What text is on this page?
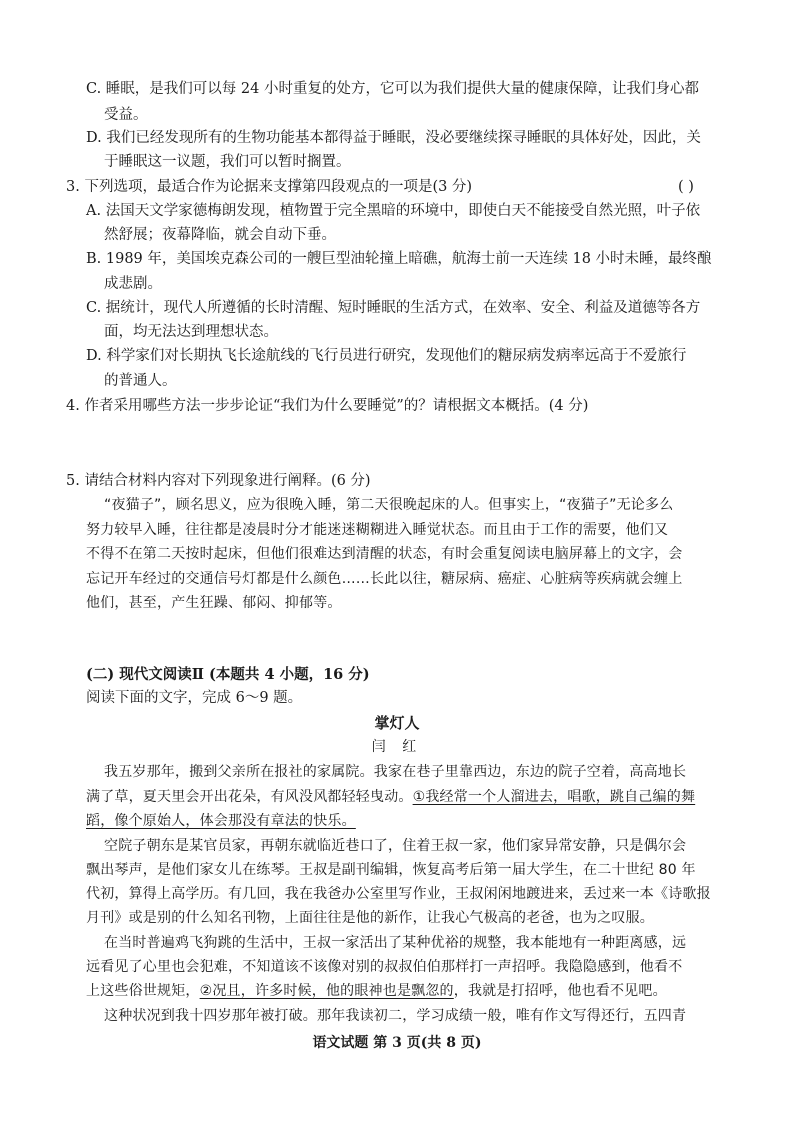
C. 睡眠，是我们可以每 24 小时重复的处方，它可以为我们提供大量的健康保障，让我们身心都
受益。
D. 我们已经发现所有的生物功能基本都得益于睡眠，没必要继续探寻睡眠的具体好处，因此，关
于睡眠这一议题，我们可以暂时搁置。
3. 下列选项，最适合作为论据来支撑第四段观点的一项是(3 分)	( )
A. 法国天文学家德梅朗发现，植物置于完全黑暗的环境中，即使白天不能接受自然光照，叶子依
然舒展；夜幕降临，就会自动下垂。
B. 1989 年，美国埃克森公司的一艘巨型油轮撞上暗礁，航海士前一天连续 18 小时未睡，最终酿
成悲剧。
C. 据统计，现代人所遵循的长时清醒、短时睡眠的生活方式，在效率、安全、利益及道德等各方
面，均无法达到理想状态。
D. 科学家们对长期执飞长途航线的飞行员进行研究，发现他们的糖尿病发病率远高于不爱旅行
的普通人。
4. 作者采用哪些方法一步步论证“我们为什么要睡觉”的？请根据文本概括。(4 分)
5. 请结合材料内容对下列现象进行阐释。(6 分)
“夜猫子”，顾名思义，应为很晚入睡，第二天很晚起床的人。但事实上，“夜猫子”无论多么
努力较早入睡，往往都是凌晨时分才能迷迷糊糊进入睡觉状态。而且由于工作的需要，他们又
不得不在第二天按时起床，但他们很难达到清醒的状态，有时会重复阅读电脑屏幕上的文字，会
忘记开车经过的交通信号灯都是什么颜色……长此以往，糖尿病、癌症、心脏病等疾病就会缠上
他们，甚至，产生狂躁、郁闷、抑郁等。
(二) 现代文阅读Ⅱ (本题共 4 小题，16 分)
阅读下面的文字，完成 6～9 题。
掌灯人
闫 红
我五岁那年，搬到父亲所在报社的家属院。我家在巷子里靠西边，东边的院子空着，高高地长
满了草，夏天里会开出花朵，有风没风都轻轻曳动。①我经常一个人溜进去，唱歌，跳自己编的舞
蹈，像个原始人，体会那没有章法的快乐。
空院子朝东是某官员家，再朝东就临近巷口了，住着王叔一家，他们家异常安静，只是偶尔会
飘出琴声，是他们家女儿在练琴。王叔是副刊编辑，恢复高考后第一届大学生，在二十世纪 80 年
代初，算得上高学历。有几回，我在我爸办公室里写作业，王叔闲闲地踱进来，丢过来一本《诗歌报
月刊》或是别的什么知名刊物，上面往往是他的新作，让我心气极高的老爸，也为之叹服。
在当时普遍鸡飞狗跳的生活中，王叔一家活出了某种优裕的规整，我本能地有一种距离感，远
远看见了心里也会犯难，不知道该不该像对别的叔叔伯伯那样打一声招呼。我隐隐感到，他看不
上这些俗世规矩，②况且，许多时候，他的眼神也是飘忽的，我就是打招呼，他也看不见吧。
这种状况到我十四岁那年被打破。那年我读初二，学习成绩一般，唯有作文写得还行，五四青
语文试题 第 3 页(共 8 页)
